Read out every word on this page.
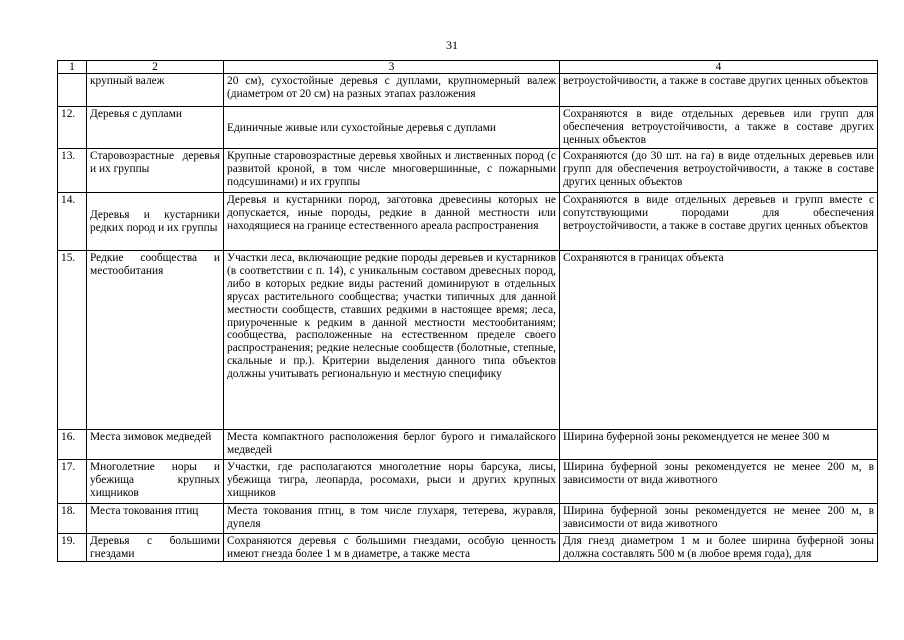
31
1	2	3	4
	крупный валеж	20 см), сухостойные деревья с дуплами, крупномерный валеж (диаметром от 20 см) на разных этапах разложения	ветроустойчивости, а также в составе других ценных объектов
12.	Деревья с дуплами	Единичные живые или сухостойные деревья с дуплами	Сохраняются в виде отдельных деревьев или групп для обеспечения ветроустойчивости, а также в составе других ценных объектов
13.	Старовозрастные деревья и их группы	Крупные старовозрастные деревья хвойных и лиственных пород (с развитой кроной, в том числе многовершинные, с пожарными подсушинами) и их группы	Сохраняются (до 30 шт. на га) в виде отдельных деревьев или групп для обеспечения ветроустойчивости, а также в составе других ценных объектов
14.	Деревья и кустарники редких пород и их группы	Деревья и кустарники пород, заготовка древесины которых не допускается, иные породы, редкие в данной местности или находящиеся на границе естественного ареала распространения	Сохраняются в виде отдельных деревьев и групп вместе с сопутствующими породами для обеспечения ветроустойчивости, а также в составе других ценных объектов
15.	Редкие сообщества и местообитания	Участки леса, включающие редкие породы деревьев и кустарников (в соответствии с п. 14), с уникальным составом древесных пород, либо в которых редкие виды растений доминируют в отдельных ярусах растительного сообщества; участки типичных для данной местности сообществ, ставших редкими в настоящее время; леса, приуроченные к редким в данной местности местообитаниям; сообщества, расположенные на естественном пределе своего распространения; редкие нелесные сообществ (болотные, степные, скальные и пр.). Критерии выделения данного типа объектов должны учитывать региональную и местную специфику	Сохраняются в границах объекта
16.	Места зимовок медведей	Места компактного расположения берлог бурого и гималайского медведей	Ширина буферной зоны рекомендуется не менее 300 м
17.	Многолетние норы и убежища крупных хищников	Участки, где располагаются многолетние норы барсука, лисы, убежища тигра, леопарда, росомахи, рыси и других крупных хищников	Ширина буферной зоны рекомендуется не менее 200 м, в зависимости от вида животного
18.	Места токования птиц	Места токования птиц, в том числе глухаря, тетерева, журавля, дупеля	Ширина буферной зоны рекомендуется не менее 200 м, в зависимости от вида животного
19.	Деревья с большими гнездами	Сохраняются деревья с большими гнездами, особую ценность имеют гнезда более 1 м в диаметре, а также места	Для гнезд диаметром 1 м и более ширина буферной зоны должна составлять 500 м (в любое время года), для
